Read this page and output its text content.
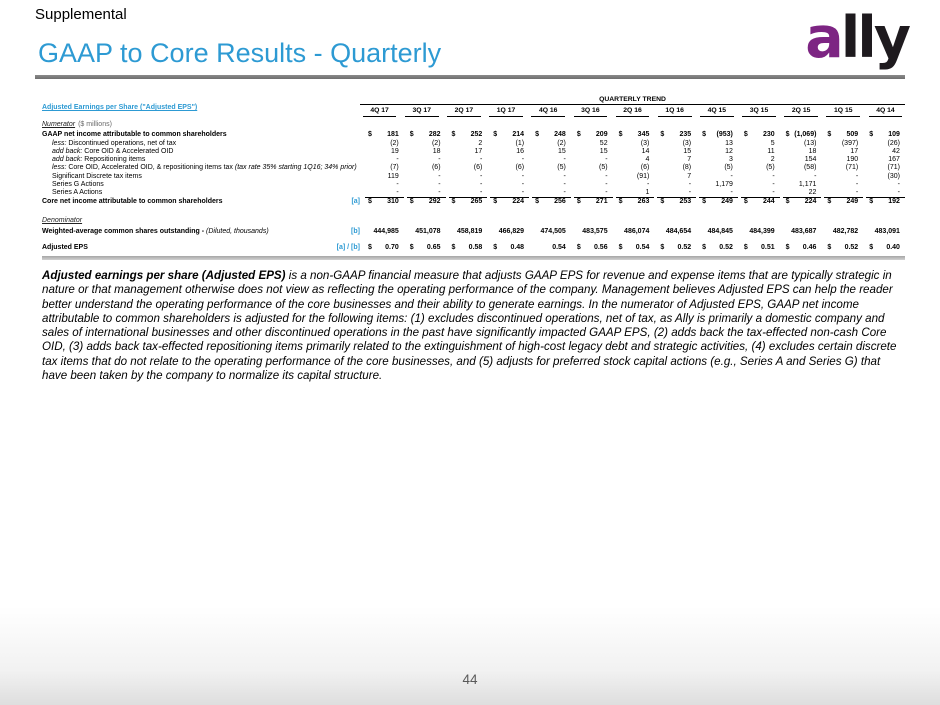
Supplemental
GAAP to Core Results - Quarterly	ally
Adjusted Earnings per Share ("Adjusted EPS")
QUARTERLY TREND
4Q 17	3Q 17	2Q 17	1Q 17	4Q 16	3Q 16	2Q 16	1Q 16	4Q 15	3Q 15	2Q 15	1Q 15	4Q 14
Numerator ($ millions)
GAAP net income attributable to common shareholders	$ 181 $ 282 $ 252 $ 214 $ 248 $ 209 $ 345 $ 235 $ (953) $ 230 $ (1,069) $ 509 $ 109
less: Discontinued operations, net of tax	(2)	(2)	2	(1)	(2)	52	(3)	(3)	13	5	(13)	(397)	(26)
add back: Core OID & Accelerated OID	19	18	17	16	15	15	14	15	12	11	18	17	42
add back: Repositioning items	-	-	-	-	-	-	4	7	3	2	154	190	167
less: Core OID, Accelerated OID, & repositioning items tax (tax rate 35% starting 1Q16; 34% prior)	(7)	(6)	(6)	(6)	(5)	(5)	(6)	(8)	(5)	(5)	(58)	(71)	(71)
Significant Discrete tax items	119	-	-	-	-	-	(91)	7	-	-	-	-	(30)
Series G Actions	-	-	-	-	-	-	-	-	1,179	-	1,171	-	-
Series A Actions	-	-	-	-	-	-	1	-	-	-	22	-	-
Core net income attributable to common shareholders	[a]	$ 310 $ 292 $ 265 $ 224 $ 256 $ 271 $ 263 $ 253 $ 249 $ 244 $ 224 $ 249 $ 192
Denominator
Weighted-average common shares outstanding - (Diluted, thousands)	[b]	444,985 451,078 458,819 466,829 474,505 483,575 486,074 484,654 484,845 484,399 483,687 482,782 483,091
Adjusted EPS	[a] / [b]	$ 0.70 $ 0.65 $ 0.58 $ 0.48	0.54 $ 0.56 $ 0.54 $ 0.52 $ 0.52 $ 0.51 $ 0.46 $ 0.52 $ 0.40
Adjusted earnings per share (Adjusted EPS) is a non-GAAP financial measure that adjusts GAAP EPS for revenue and expense items that are typically strategic in nature or that management otherwise does not view as reflecting the operating performance of the company. Management believes Adjusted EPS can help the reader better understand the operating performance of the core businesses and their ability to generate earnings. In the numerator of Adjusted EPS, GAAP net income attributable to common shareholders is adjusted for the following items: (1) excludes discontinued operations, net of tax, as Ally is primarily a domestic company and sales of international businesses and other discontinued operations in the past have significantly impacted GAAP EPS, (2) adds back the tax-effected non-cash Core OID, (3) adds back tax-effected repositioning items primarily related to the extinguishment of high-cost legacy debt and strategic activities, (4) excludes certain discrete tax items that do not relate to the operating performance of the core businesses, and (5) adjusts for preferred stock capital actions (e.g., Series A and Series G) that have been taken by the company to normalize its capital structure.
44
